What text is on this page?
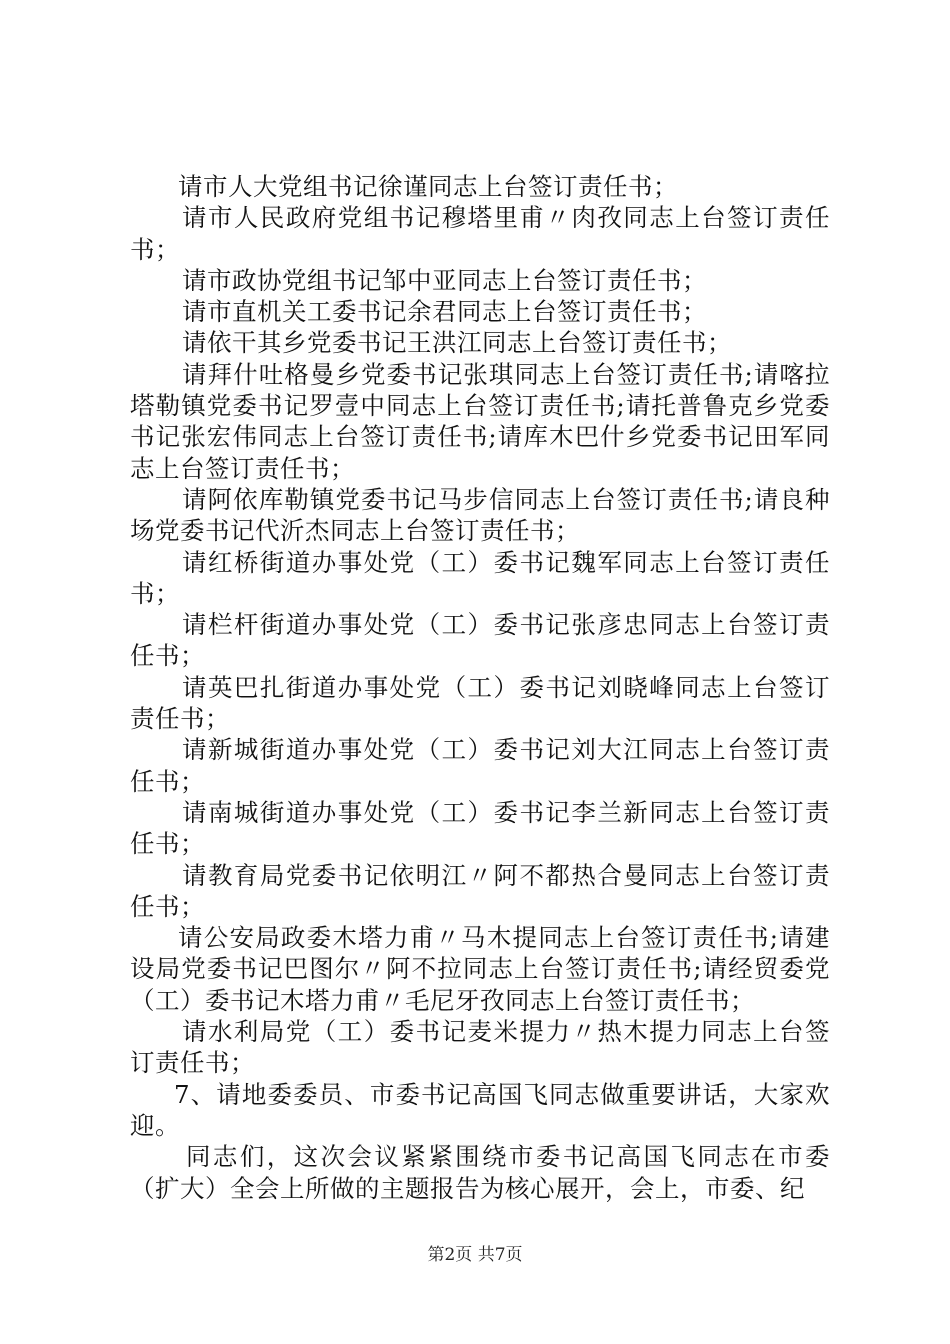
请市人大党组书记徐谨同志上台签订责任书；

请市人民政府党组书记穆塔里甫〃肉孜同志上台签订责任书；

请市政协党组书记邹中亚同志上台签订责任书；

请市直机关工委书记余君同志上台签订责任书；

请依干其乡党委书记王洪江同志上台签订责任书；

请拜什吐格曼乡党委书记张琪同志上台签订责任书;请喀拉塔勒镇党委书记罗壹中同志上台签订责任书;请托普鲁克乡党委书记张宏伟同志上台签订责任书;请库木巴什乡党委书记田军同志上台签订责任书；

请阿依库勒镇党委书记马步信同志上台签订责任书;请良种场党委书记代沂杰同志上台签订责任书；

请红桥街道办事处党（工）委书记魏军同志上台签订责任书；

请栏杆街道办事处党（工）委书记张彦忠同志上台签订责任书；

请英巴扎街道办事处党（工）委书记刘晓峰同志上台签订责任书；

请新城街道办事处党（工）委书记刘大江同志上台签订责任书；

请南城街道办事处党（工）委书记李兰新同志上台签订责任书；

请教育局党委书记依明江〃阿不都热合曼同志上台签订责任书；

请公安局政委木塔力甫〃马木提同志上台签订责任书;请建设局党委书记巴图尔〃阿不拉同志上台签订责任书;请经贸委党（工）委书记木塔力甫〃毛尼牙孜同志上台签订责任书；

请水利局党（工）委书记麦米提力〃热木提力同志上台签订责任书；

7、请地委委员、市委书记高国飞同志做重要讲话，大家欢迎。

同志们，这次会议紧紧围绕市委书记高国飞同志在市委（扩大）全会上所做的主题报告为核心展开，会上，市委、纪

第2页 共7页
